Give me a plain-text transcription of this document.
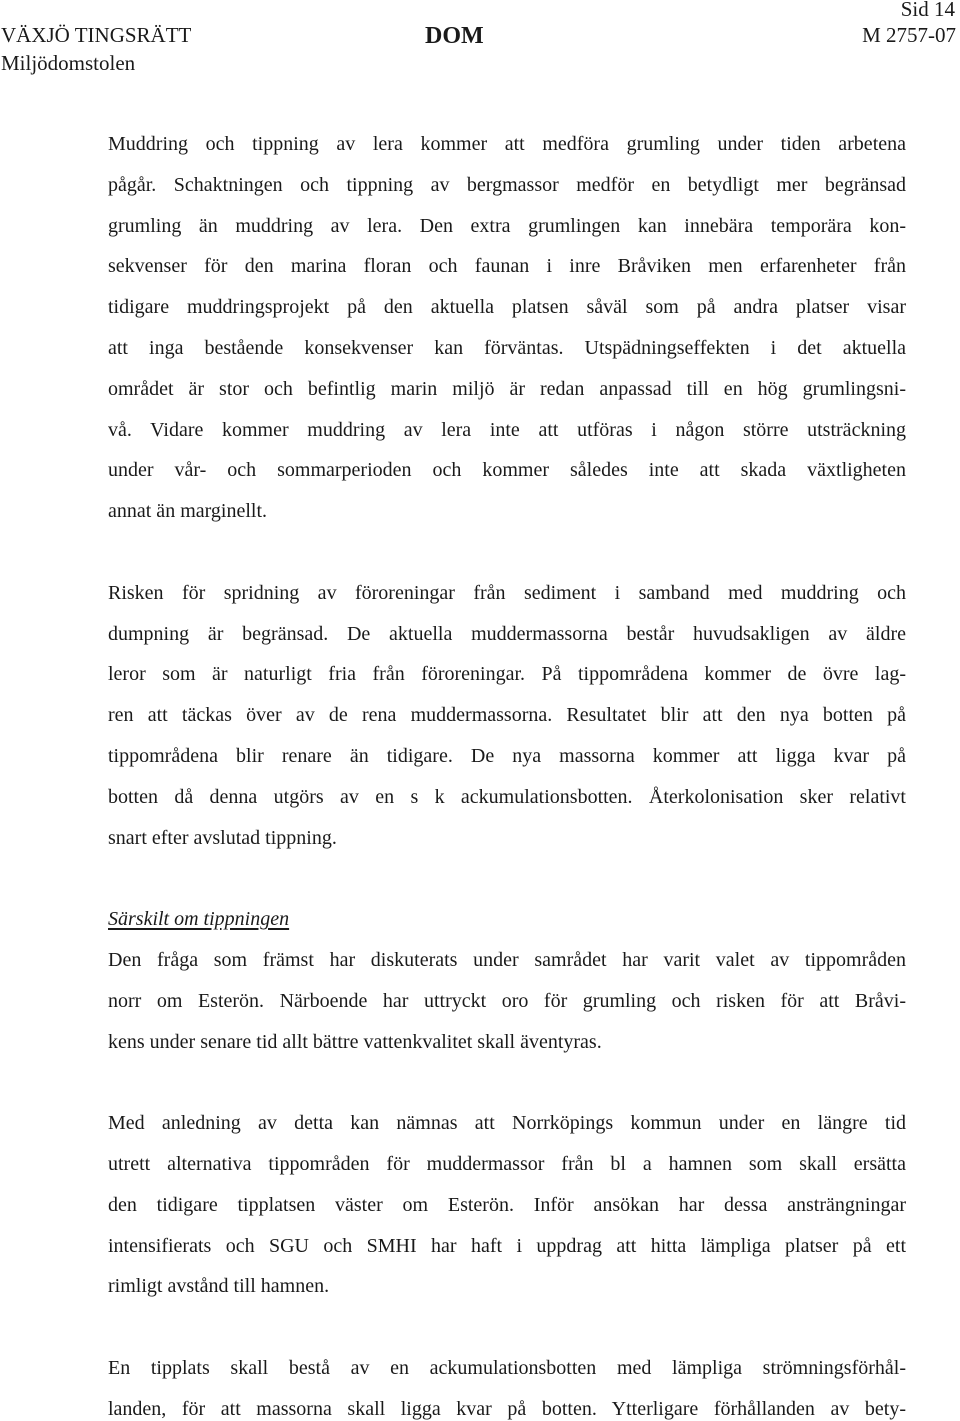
VÄXJÖ TINGSRÄTT
Miljödomstolen
DOM
Sid 14
M 2757-07
Muddring och tippning av lera kommer att medföra grumling under tiden arbetena
pågår. Schaktningen och tippning av bergmassor medför en betydligt mer begränsad
grumling än muddring av lera. Den extra grumlingen kan innebära temporära kon-
sekvenser för den marina floran och faunan i inre Bråviken men erfarenheter från
tidigare muddringsprojekt på den aktuella platsen såväl som på andra platser visar
att inga bestående konsekvenser kan förväntas. Utspädningseffekten i det aktuella
området är stor och befintlig marin miljö är redan anpassad till en hög grumlingsni-
vå. Vidare kommer muddring av lera inte att utföras i någon större utsträckning
under vår- och sommarperioden och kommer således inte att skada växtligheten
annat än marginellt.
Risken för spridning av föroreningar från sediment i samband med muddring och
dumpning är begränsad. De aktuella muddermassorna består huvudsakligen av äldre
leror som är naturligt fria från föroreningar. På tippområdena kommer de övre lag-
ren att täckas över av de rena muddermassorna. Resultatet blir att den nya botten på
tippområdena blir renare än tidigare. De nya massorna kommer att ligga kvar på
botten då denna utgörs av en s k ackumulationsbotten. Återkolonisation sker relativt
snart efter avslutad tippning.
Särskilt om tippningen
Den fråga som främst har diskuterats under samrådet har varit valet av tippområden
norr om Esterön. Närboende har uttryckt oro för grumling och risken för att Bråvi-
kens under senare tid allt bättre vattenkvalitet skall äventyras.
Med anledning av detta kan nämnas att Norrköpings kommun under en längre tid
utrett alternativa tippområden för muddermassor från bl a hamnen som skall ersätta
den tidigare tipplatsen väster om Esterön. Inför ansökan har dessa ansträngningar
intensifierats och SGU och SMHI har haft i uppdrag att hitta lämpliga platser på ett
rimligt avstånd till hamnen.
En tipplats skall bestå av en ackumulationsbotten med lämpliga strömningsförhål-
landen, för att massorna skall ligga kvar på botten. Ytterligare förhållanden av bety-
